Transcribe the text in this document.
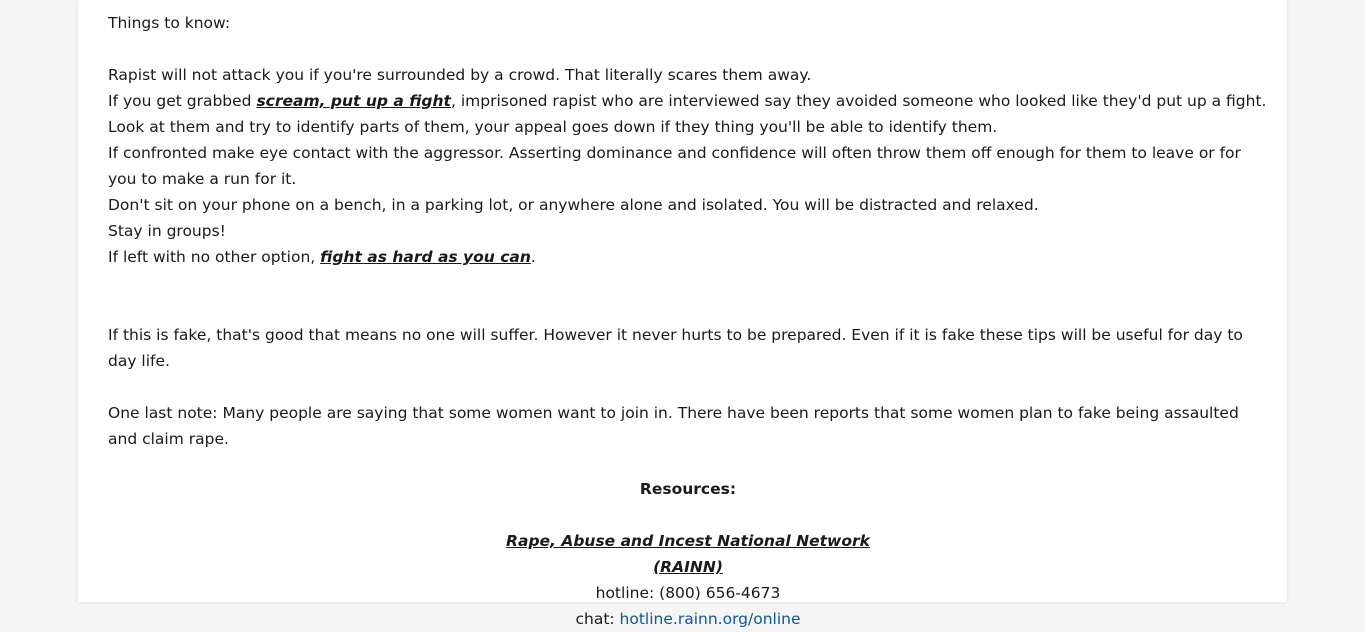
Things to know:

Rapist will not attack you if you're surrounded by a crowd. That literally scares them away.

If you get grabbed scream, put up a fight, imprisoned rapist who are interviewed say they avoided someone who looked like they'd put up a fight. Look at them and try to identify parts of them, your appeal goes down if they thing you'll be able to identify them.

If confronted make eye contact with the aggressor. Asserting dominance and confidence will often throw them off enough for them to leave or for you to make a run for it.

Don't sit on your phone on a bench, in a parking lot, or anywhere alone and isolated. You will be distracted and relaxed.

Stay in groups!

If left with no other option, fight as hard as you can.

If this is fake, that's good that means no one will suffer. However it never hurts to be prepared. Even if it is fake these tips will be useful for day to day life.

One last note: Many people are saying that some women want to join in. There have been reports that some women plan to fake being assaulted and claim rape.

Resources:

Rape, Abuse and Incest National Network

(RAINN)

hotline: (800) 656-4673

chat: hotline.rainn.org/online
